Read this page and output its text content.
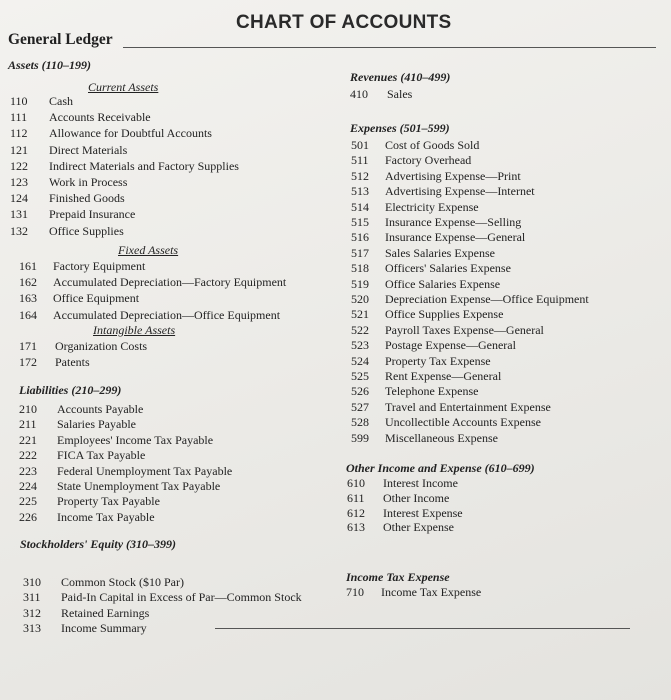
CHART OF ACCOUNTS
General Ledger
Assets (110–199)
Current Assets
110 Cash
111 Accounts Receivable
112 Allowance for Doubtful Accounts
121 Direct Materials
122 Indirect Materials and Factory Supplies
123 Work in Process
124 Finished Goods
131 Prepaid Insurance
132 Office Supplies
Fixed Assets
161 Factory Equipment
162 Accumulated Depreciation—Factory Equipment
163 Office Equipment
164 Accumulated Depreciation—Office Equipment
Intangible Assets
171 Organization Costs
172 Patents
Liabilities (210–299)
210 Accounts Payable
211 Salaries Payable
221 Employees' Income Tax Payable
222 FICA Tax Payable
223 Federal Unemployment Tax Payable
224 State Unemployment Tax Payable
225 Property Tax Payable
226 Income Tax Payable
Stockholders' Equity (310–399)
310 Common Stock ($10 Par)
311 Paid-In Capital in Excess of Par—Common Stock
312 Retained Earnings
313 Income Summary
Revenues (410–499)
410 Sales
Expenses (501–599)
501 Cost of Goods Sold
511 Factory Overhead
512 Advertising Expense—Print
513 Advertising Expense—Internet
514 Electricity Expense
515 Insurance Expense—Selling
516 Insurance Expense—General
517 Sales Salaries Expense
518 Officers' Salaries Expense
519 Office Salaries Expense
520 Depreciation Expense—Office Equipment
521 Office Supplies Expense
522 Payroll Taxes Expense—General
523 Postage Expense—General
524 Property Tax Expense
525 Rent Expense—General
526 Telephone Expense
527 Travel and Entertainment Expense
528 Uncollectible Accounts Expense
599 Miscellaneous Expense
Other Income and Expense (610–699)
610 Interest Income
611 Other Income
612 Interest Expense
613 Other Expense
Income Tax Expense
710 Income Tax Expense
